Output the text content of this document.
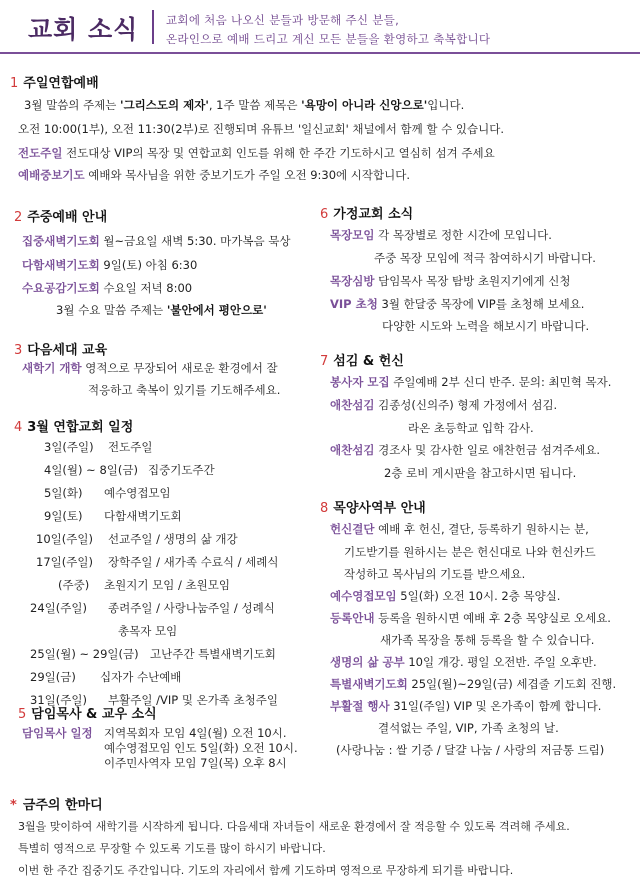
교회 소식 교회에 처음 나오신 분들과 방문해 주신 분들,
온라인으로 예배 드리고 계신 모든 분들을 환영하고 축복합니다
1 주일연합예배
3월 말씀의 주제는 '그리스도의 제자', 1주 말씀 제목은 '욕망이 아니라 신앙으로'입니다.
오전 10:00(1부), 오전 11:30(2부)로 진행되며 유튜브 '일신교회' 채널에서 함께 할 수 있습니다.
전도주일 전도대상 VIP의 목장 및 연합교회 인도를 위해 한 주간 기도하시고 열심히 섬겨 주세요
예배중보기도 예배와 목사님을 위한 중보기도가 주일 오전 9:30에 시작합니다.
2 주중예배 안내
집중새벽기도회 월~금요일 새벽 5:30. 마가복음 묵상
다함새벽기도회 9일(토) 아침 6:30
수요공감기도회 수요일 저녁 8:00
3월 수요 말씀 주제는 '불안에서 평안으로'
3 다음세대 교육
새학기 개학 영적으로 무장되어 새로운 환경에서 잘
적응하고 축복이 있기를 기도해주세요.
4 3월 연합교회 일정
3일(주일) 전도주일
4일(월) ~ 8일(금) 집중기도주간
5일(화) 예수영접모임
9일(토) 다함새벽기도회
10일(주일) 선교주일 / 생명의 삶 개강
17일(주일) 장학주일 / 새가족 수료식 / 세례식
(주중) 초원지기 모임 / 초원모임
24일(주일) 종려주일 / 사랑나눔주일 / 성례식
총목자 모임
25일(월) ~ 29일(금) 고난주간 특별새벽기도회
29일(금) 십자가 수난예배
31일(주일) 부활주일 /VIP 및 온가족 초청주일
5 담임목사 & 교우 소식
담임목사 일정 지역목회자 모임 4일(월) 오전 10시.
예수영접모임 인도 5일(화) 오전 10시.
이주민사역자 모임 7일(목) 오후 8시
6 가정교회 소식
목장모임 각 목장별로 정한 시간에 모입니다.
주중 목장 모임에 적극 참여하시기 바랍니다.
목장심방 담임목사 목장 탐방 초원지기에게 신청
VIP 초청 3월 한달중 목장에 VIP를 초청해 보세요.
다양한 시도와 노력을 해보시기 바랍니다.
7 섬김 & 헌신
봉사자 모집 주일예배 2부 신디 반주. 문의: 최민혁 목자.
애찬섬김 김종성(신의주) 형제 가정에서 섬김.
라온 초등학교 입학 감사.
애찬섬김 경조사 및 감사한 일로 애찬헌금 섬겨주세요.
2층 로비 게시판을 참고하시면 됩니다.
8 목양사역부 안내
헌신결단 예배 후 헌신, 결단, 등록하기 원하시는 분,
기도받기를 원하시는 분은 헌신대로 나와 헌신카드
작성하고 목사님의 기도를 받으세요.
예수영접모임 5일(화) 오전 10시. 2층 목양실.
등록안내 등록을 원하시면 예배 후 2층 목양실로 오세요.
새가족 목장을 통해 등록을 할 수 있습니다.
생명의 삶 공부 10일 개강. 평일 오전반. 주일 오후반.
특별새벽기도회 25일(월)~29일(금) 세겹줄 기도회 진행.
부활절 행사 31일(주일) VIP 및 온가족이 함께 합니다.
결석없는 주일, VIP, 가족 초청의 날.
(사랑나눔 : 쌀 기증 / 달걀 나눔 / 사랑의 저금통 드림)
* 금주의 한마디
3월을 맞이하여 새학기를 시작하게 됩니다. 다음세대 자녀들이 새로운 환경에서 잘 적응할 수 있도록 격려해 주세요.
특별히 영적으로 무장할 수 있도록 기도를 많이 하시기 바랍니다.
이번 한 주간 집중기도 주간입니다. 기도의 자리에서 함께 기도하며 영적으로 무장하게 되기를 바랍니다.
